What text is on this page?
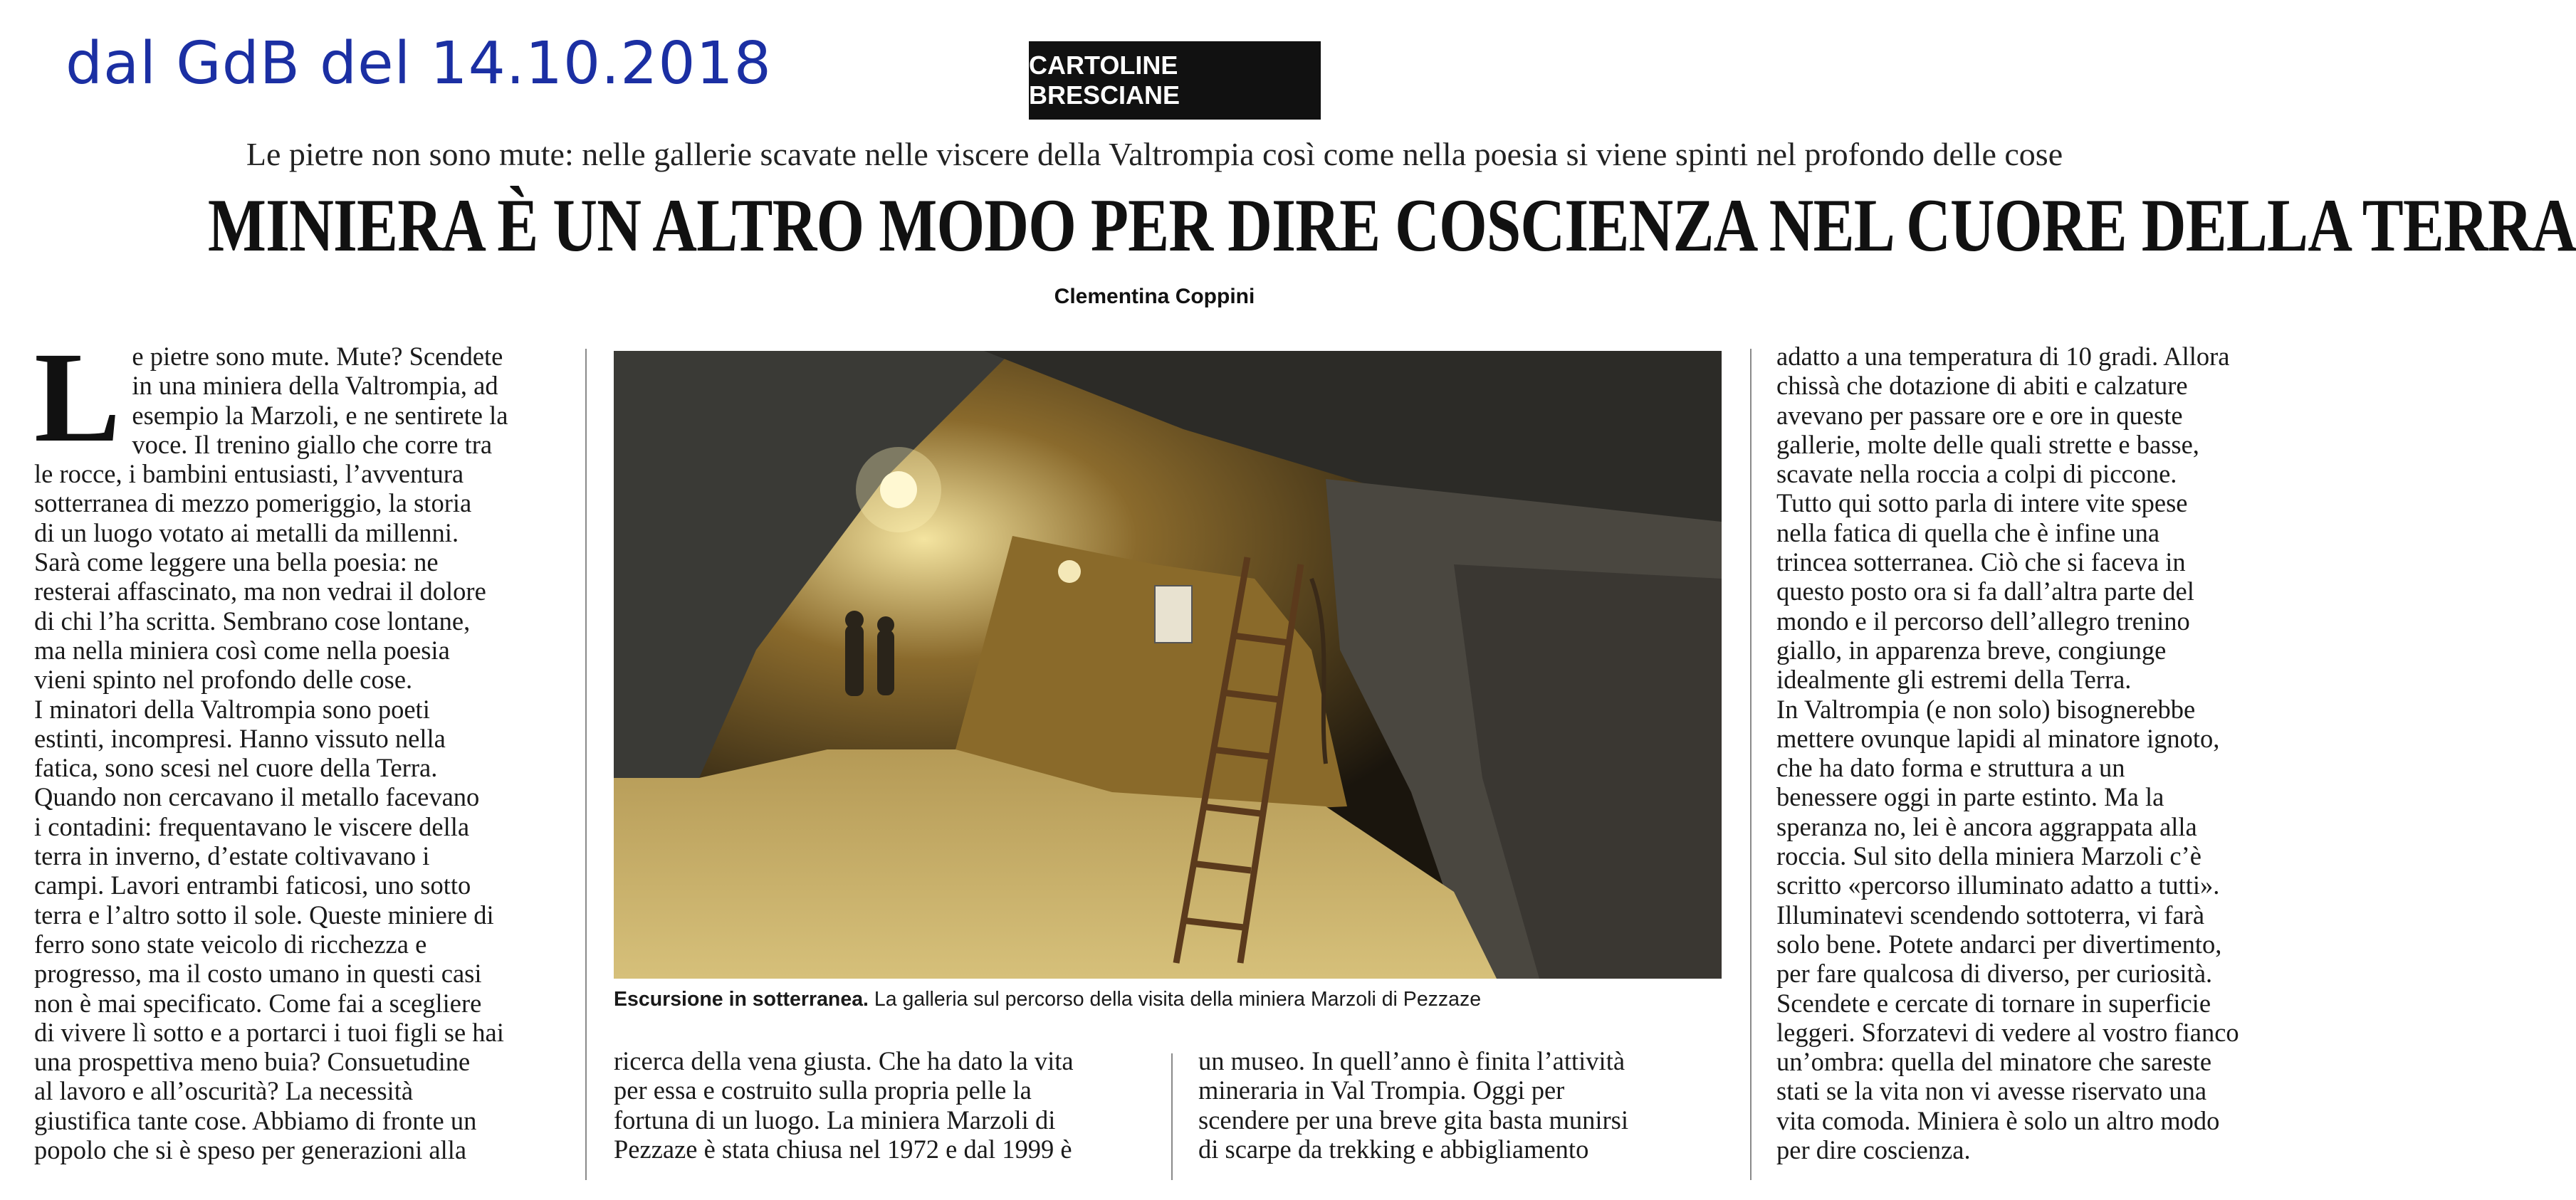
dal GdB del 14.10.2018	CARTOLINE BRESCIANE
Le pietre non sono mute: nelle gallerie scavate nelle viscere della Valtrompia così come nella poesia si viene spinti nel profondo delle cose
MINIERA È UN ALTRO MODO PER DIRE COSCIENZA NEL CUORE DELLA TERRA
Clementina Coppini
Le pietre sono mute. Mute? Scendete
in una miniera della Valtrompia, ad
esempio la Marzoli, e ne sentirete la
voce. Il trenino giallo che corre tra
le rocce, i bambini entusiasti, l’avventura
sotterranea di mezzo pomeriggio, la storia
di un luogo votato ai metalli da millenni.
Sarà come leggere una bella poesia: ne
resterai affascinato, ma non vedrai il dolore
di chi l’ha scritta. Sembrano cose lontane,
ma nella miniera così come nella poesia
vieni spinto nel profondo delle cose.
I minatori della Valtrompia sono poeti
estinti, incompresi. Hanno vissuto nella
fatica, sono scesi nel cuore della Terra.
Quando non cercavano il metallo facevano
i contadini: frequentavano le viscere della
terra in inverno, d’estate coltivavano i
campi. Lavori entrambi faticosi, uno sotto
terra e l’altro sotto il sole. Queste miniere di
ferro sono state veicolo di ricchezza e
progresso, ma il costo umano in questi casi
non è mai specificato. Come fai a scegliere
di vivere lì sotto e a portarci i tuoi figli se hai
una prospettiva meno buia? Consuetudine
al lavoro e all’oscurità? La necessità
giustifica tante cose. Abbiamo di fronte un
popolo che si è speso per generazioni alla
Escursione in sotterranea. La galleria sul percorso della visita della miniera Marzoli di Pezzaze
ricerca della vena giusta. Che ha dato la vita
per essa e costruito sulla propria pelle la
fortuna di un luogo. La miniera Marzoli di
Pezzaze è stata chiusa nel 1972 e dal 1999 è
un museo. In quell’anno è finita l’attività
mineraria in Val Trompia. Oggi per
scendere per una breve gita basta munirsi
di scarpe da trekking e abbigliamento
adatto a una temperatura di 10 gradi. Allora
chissà che dotazione di abiti e calzature
avevano per passare ore e ore in queste
gallerie, molte delle quali strette e basse,
scavate nella roccia a colpi di piccone.
Tutto qui sotto parla di intere vite spese
nella fatica di quella che è infine una
trincea sotterranea. Ciò che si faceva in
questo posto ora si fa dall’altra parte del
mondo e il percorso dell’allegro trenino
giallo, in apparenza breve, congiunge
idealmente gli estremi della Terra.
In Valtrompia (e non solo) bisognerebbe
mettere ovunque lapidi al minatore ignoto,
che ha dato forma e struttura a un
benessere oggi in parte estinto. Ma la
speranza no, lei è ancora aggrappata alla
roccia. Sul sito della miniera Marzoli c’è
scritto «percorso illuminato adatto a tutti».
Illuminatevi scendendo sottoterra, vi farà
solo bene. Potete andarci per divertimento,
per fare qualcosa di diverso, per curiosità.
Scendete e cercate di tornare in superficie
leggeri. Sforzatevi di vedere al vostro fianco
un’ombra: quella del minatore che sareste
stati se la vita non vi avesse riservato una
vita comoda. Miniera è solo un altro modo
per dire coscienza.
